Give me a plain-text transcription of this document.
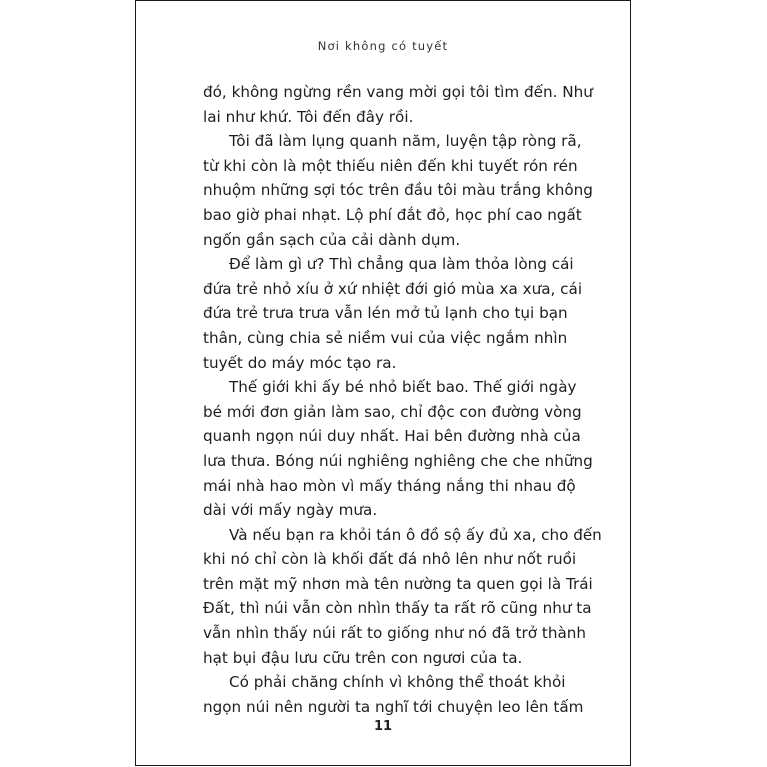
Nơi không có tuyết
đó, không ngừng rền vang mời gọi tôi tìm đến. Như
lai như khứ. Tôi đến đây rồi.
Tôi đã làm lụng quanh năm, luyện tập ròng rã,
từ khi còn là một thiếu niên đến khi tuyết rón rén
nhuộm những sợi tóc trên đầu tôi màu trắng không
bao giờ phai nhạt. Lộ phí đắt đỏ, học phí cao ngất
ngốn gần sạch của cải dành dụm.
Để làm gì ư? Thì chẳng qua làm thỏa lòng cái
đứa trẻ nhỏ xíu ở xứ nhiệt đới gió mùa xa xưa, cái
đứa trẻ trưa trưa vẫn lén mở tủ lạnh cho tụi bạn
thân, cùng chia sẻ niềm vui của việc ngắm nhìn
tuyết do máy móc tạo ra.
Thế giới khi ấy bé nhỏ biết bao. Thế giới ngày
bé mới đơn giản làm sao, chỉ độc con đường vòng
quanh ngọn núi duy nhất. Hai bên đường nhà của
lưa thưa. Bóng núi nghiêng nghiêng che che những
mái nhà hao mòn vì mấy tháng nắng thi nhau độ
dài với mấy ngày mưa.
Và nếu bạn ra khỏi tán ô đồ sộ ấy đủ xa, cho đến
khi nó chỉ còn là khối đất đá nhô lên như nốt ruồi
trên mặt mỹ nhơn mà tên nường ta quen gọi là Trái
Đất, thì núi vẫn còn nhìn thấy ta rất rõ cũng như ta
vẫn nhìn thấy núi rất to giống như nó đã trở thành
hạt bụi đậu lưu cữu trên con ngươi của ta.
Có phải chăng chính vì không thể thoát khỏi
ngọn núi nên người ta nghĩ tới chuyện leo lên tấm
11
